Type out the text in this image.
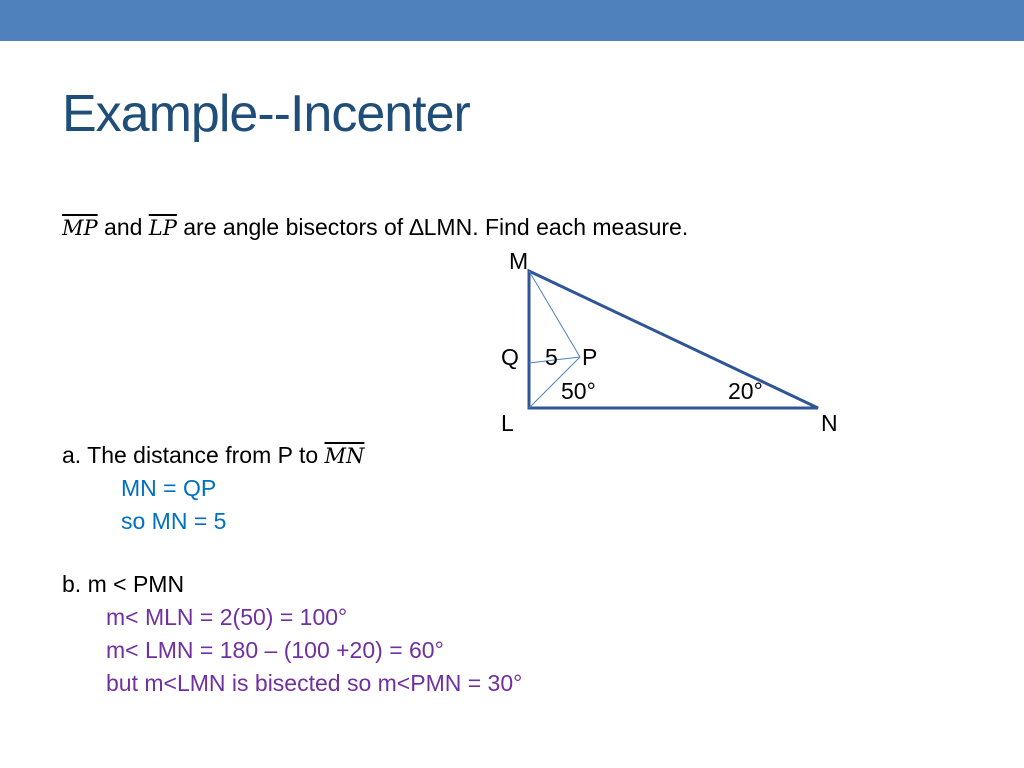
Example--Incenter
$\overline{MP}$ and $\overline{LP}$ are angle bisectors of ∆LMN. Find each measure.
M
Q 5 P
50°	20°
L	N
a. The distance from P to $\overline{MN}$
MN = QP
so MN = 5
b. m < PMN
m< MLN = 2(50) = 100°
m< LMN = 180 – (100 +20) = 60°
but m<LMN is bisected so m<PMN = 30°
